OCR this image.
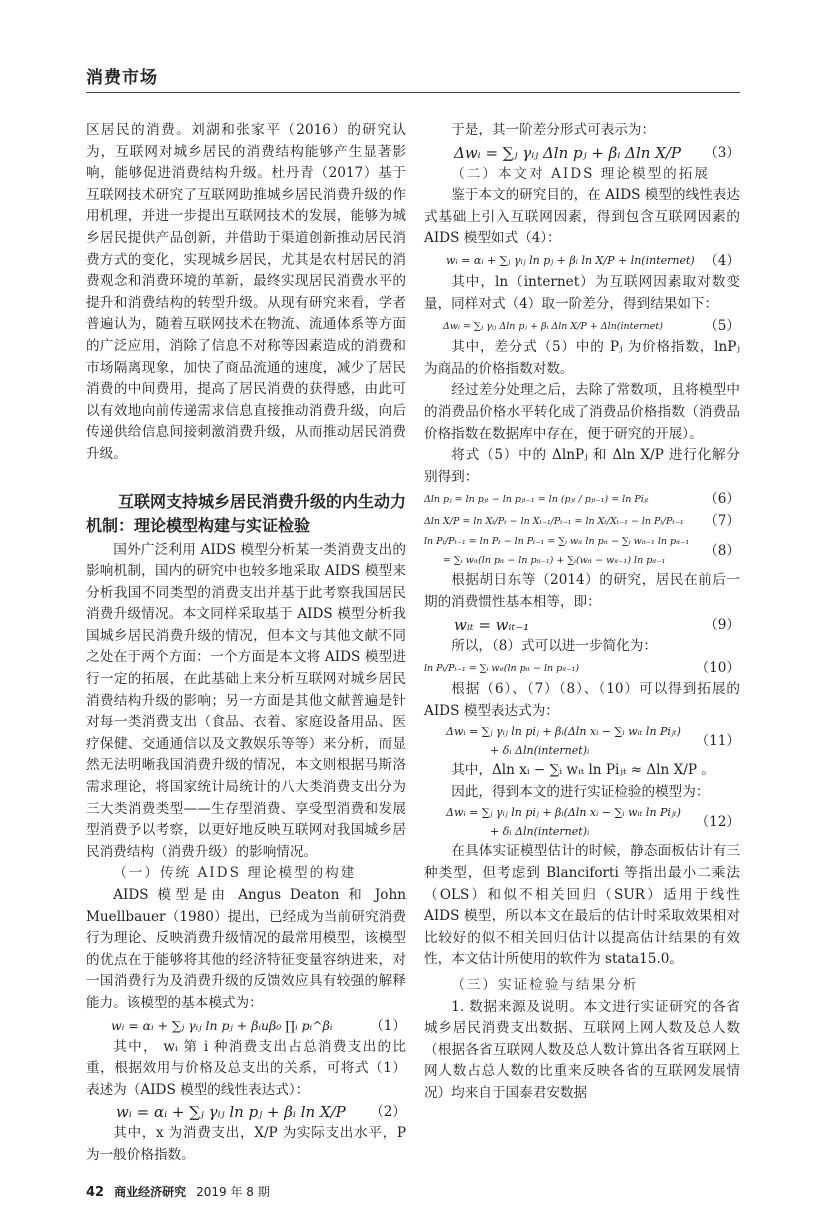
消费市场

区居民的消费。刘湖和张家平（2016）的研究认为，互联网对城乡居民的消费结构能够产生显著影响，能够促进消费结构升级。杜丹青（2017）基于互联网技术研究了互联网助推城乡居民消费升级的作用机理，并进一步提出互联网技术的发展，能够为城乡居民提供产品创新，并借助于渠道创新推动居民消费方式的变化，实现城乡居民，尤其是农村居民的消费观念和消费环境的革新，最终实现居民消费水平的提升和消费结构的转型升级。从现有研究来看，学者普遍认为，随着互联网技术在物流、流通体系等方面的广泛应用，消除了信息不对称等因素造成的消费和市场隔离现象，加快了商品流通的速度，减少了居民消费的中间费用，提高了居民消费的获得感，由此可以有效地向前传递需求信息直接推动消费升级，向后传递供给信息间接刺激消费升级，从而推动居民消费升级。

互联网支持城乡居民消费升级的内生动力机制：理论模型构建与实证检验

国外广泛利用 AIDS 模型分析某一类消费支出的影响机制，国内的研究中也较多地采取 AIDS 模型来分析我国不同类型的消费支出并基于此考察我国居民消费升级情况。本文同样采取基于 AIDS 模型分析我国城乡居民消费升级的情况，但本文与其他文献不同之处在于两个方面：一个方面是本文将 AIDS 模型进行一定的拓展，在此基础上来分析互联网对城乡居民消费结构升级的影响；另一方面是其他文献普遍是针对每一类消费支出（食品、衣着、家庭设备用品、医疗保健、交通通信以及文教娱乐等等）来分析，而显然无法明晰我国消费升级的情况，本文则根据马斯洛需求理论，将国家统计局统计的八大类消费支出分为三大类消费类型——生存型消费、享受型消费和发展型消费予以考察，以更好地反映互联网对我国城乡居民消费结构（消费升级）的影响情况。

（一）传统 AIDS 理论模型的构建

AIDS 模型是由 Angus Deaton 和 John Muellbauer（1980）提出，已经成为当前研究消费行为理论、反映消费升级情况的最常用模型，该模型的优点在于能够将其他的经济特征变量容纳进来，对一国消费行为及消费升级的反馈效应具有较强的解释能力。该模型的基本模式为：

wᵢ = αᵢ + ∑ⱼ γᵢⱼ ln pⱼ + βᵢuβ₀ ∏ᵢ pᵢ^βᵢ	（1）

其中， wᵢ 第 i 种消费支出占总消费支出的比重，根据效用与价格及总支出的关系，可将式（1）表述为（AIDS 模型的线性表达式）：

wᵢ = αᵢ + ∑ⱼ γᵢⱼ ln pⱼ + βᵢ ln X/P	（2）

其中，x 为消费支出，X/P 为实际支出水平，P 为一般价格指数。

于是，其一阶差分形式可表示为：

Δwᵢ = ∑ⱼ γᵢⱼ Δln pⱼ + βᵢ Δln X/P	（3）
（二）本文对 AIDS 理论模型的拓展

鉴于本文的研究目的，在 AIDS 模型的线性表达式基础上引入互联网因素，得到包含互联网因素的 AIDS 模型如式（4）：

wᵢ = αᵢ + ∑ⱼ γᵢⱼ ln pⱼ + βᵢ ln X/P + ln(internet) （4）

其中，ln（internet）为互联网因素取对数变量，同样对式（4）取一阶差分，得到结果如下：

Δwᵢ = ∑ⱼ γᵢⱼ Δln pⱼ + βᵢ Δln X/P + Δln(internet)	（5）

其中，差分式（5）中的 Pⱼ 为价格指数，lnPⱼ 为商品的价格指数对数。

经过差分处理之后，去除了常数项，且将模型中的消费品价格水平转化成了消费品价格指数（消费品价格指数在数据库中存在，便于研究的开展）。

将式（5）中的 ΔlnPⱼ 和 Δln X/P 进行化解分别得到：

Δln pⱼ = ln pⱼₜ − ln pⱼₜ₋₁ = ln (pⱼₜ / pⱼₜ₋₁) = ln Piⱼₜ	（6）
Δln X/P = ln Xₜ/Pₜ − ln Xₜ₋₁/Pₜ₋₁ = ln Xₜ/Xₜ₋₁ − ln Pₜ/Pₜ₋₁	（7）
ln Pₜ/Pₜ₋₁ = ln Pₜ − ln Pₜ₋₁ = ∑ᵢ wᵢₜ ln pᵢₜ − ∑ᵢ wᵢₜ₋₁ ln pᵢₜ₋₁
= ∑ᵢ wᵢₜ(ln pᵢₜ − ln pᵢₜ₋₁) + ∑ᵢ(wᵢₜ − wᵢₜ₋₁) ln pᵢₜ₋₁
（8）

根据胡日东等（2014）的研究，居民在前后一期的消费惯性基本相等，即：

wᵢₜ = wᵢₜ₋₁	（9）

所以，（8）式可以进一步简化为：

ln Pₜ/Pₜ₋₁ = ∑ᵢ wᵢₜ(ln pᵢₜ − ln pᵢₜ₋₁)	（10）

根据（6）、（7）（8）、（10）可以得到拓展的 AIDS 模型表达式为：

Δwᵢ = ∑ⱼ γᵢⱼ ln piⱼ + βᵢ(Δln xᵢ − ∑ᵢ wᵢₜ ln Piⱼₜ)
+ δᵢ Δln(internet)ᵢ
（11）

其中，Δln xᵢ − ∑ᵢ wᵢₜ ln Piⱼₜ ≈ Δln X/P 。

因此，得到本文的进行实证检验的模型为：

Δwᵢ = ∑ⱼ γᵢⱼ ln piⱼ + βᵢ(Δln xᵢ − ∑ᵢ wᵢₜ ln Piⱼₜ)
+ δᵢ Δln(internet)ᵢ
（12）

在具体实证模型估计的时候，静态面板估计有三种类型，但考虑到 Blanciforti 等指出最小二乘法（OLS）和似不相关回归（SUR）适用于线性 AIDS 模型，所以本文在最后的估计时采取效果相对比较好的似不相关回归估计以提高估计结果的有效性，本文估计所使用的软件为 stata15.0。

（三）实证检验与结果分析

1. 数据来源及说明。本文进行实证研究的各省城乡居民消费支出数据、互联网上网人数及总人数（根据各省互联网人数及总人数计算出各省互联网上网人数占总人数的比重来反映各省的互联网发展情况）均来自于国泰君安数据

42 商业经济研究 2019 年 8 期
